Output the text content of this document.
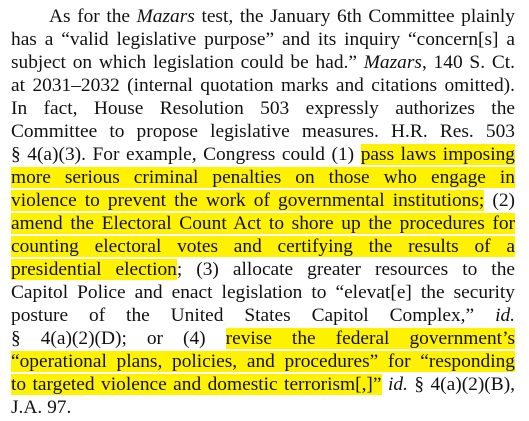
As for the Mazars test, the January 6th Committee plainly
has a “valid legislative purpose” and its inquiry “concern[s] a
subject on which legislation could be had.” Mazars, 140 S. Ct.
at 2031–2032 (internal quotation marks and citations omitted).
In fact, House Resolution 503 expressly authorizes the
Committee to propose legislative measures. H.R. Res. 503
§ 4(a)(3). For example, Congress could (1) pass laws imposing
more serious criminal penalties on those who engage in
violence to prevent the work of governmental institutions; (2)
amend the Electoral Count Act to shore up the procedures for
counting electoral votes and certifying the results of a
presidential election; (3) allocate greater resources to the
Capitol Police and enact legislation to “elevat[e] the security
posture of the United States Capitol Complex,” id.
§ 4(a)(2)(D); or (4) revise the federal government’s
“operational plans, policies, and procedures” for “responding
to targeted violence and domestic terrorism[,]” id. § 4(a)(2)(B),
J.A. 97.
